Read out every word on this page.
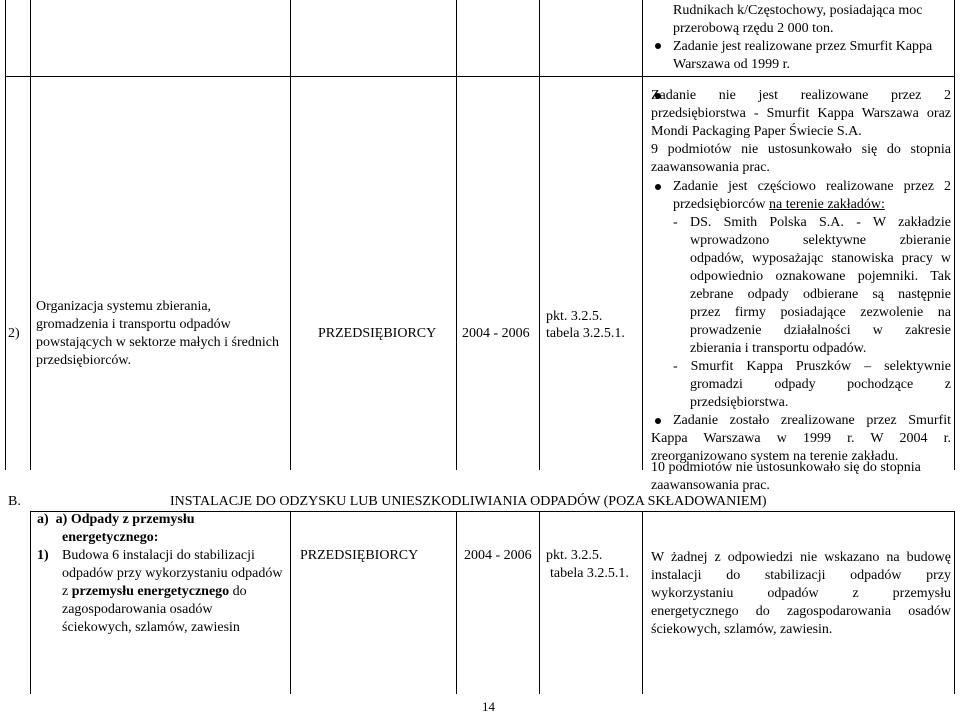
Rudnikach k/Częstochowy, posiadająca moc
przerobową rzędu 2 000 ton.
Zadanie jest realizowane przez Smurfit Kappa
Warszawa od 1999 r.
2)
Organizacja systemu zbierania,
gromadzenia i transportu odpadów
powstających w sektorze małych i średnich
przedsiębiorców.
PRZEDSIĘBIORCY 2004 - 2006
pkt. 3.2.5.
tabela 3.2.5.1.
Zadanie nie jest realizowane przez 2
przedsiębiorstwa - Smurfit Kappa Warszawa oraz
Mondi Packaging Paper Świecie S.A.
9 podmiotów nie ustosunkowało się do stopnia
zaawansowania prac.
Zadanie jest częściowo realizowane przez 2
przedsiębiorców na terenie zakładów:
- DS. Smith Polska S.A. - W zakładzie
wprowadzono selektywne zbieranie
odpadów, wyposażając stanowiska pracy w
odpowiednio oznakowane pojemniki. Tak
zebrane odpady odbierane są następnie
przez firmy posiadające zezwolenie na
prowadzenie działalności w zakresie
zbierania i transportu odpadów.
- Smurfit Kappa Pruszków – selektywnie
gromadzi odpady pochodzące z
przedsiębiorstwa.
Zadanie zostało zrealizowane przez Smurfit
Kappa Warszawa w 1999 r. W 2004 r.
zreorganizowano system na terenie zakładu.
10 podmiotów nie ustosunkowało się do stopnia
zaawansowania prac.
B.	INSTALACJE DO ODZYSKU LUB UNIESZKODLIWIANIA ODPADÓW (POZA SKŁADOWANIEM)
a)  a) Odpady z przemysłu
energetycznego:
1) Budowa 6 instalacji do stabilizacji
odpadów przy wykorzystaniu odpadów
z przemysłu energetycznego do
zagospodarowania osadów
ściekowych, szlamów, zawiesin
PRZEDSIĘBIORCY	2004 - 2006 pkt. 3.2.5.
tabela 3.2.5.1.
W żadnej z odpowiedzi nie wskazano na budowę
instalacji do stabilizacji odpadów przy
wykorzystaniu odpadów z przemysłu
energetycznego do zagospodarowania osadów
ściekowych, szlamów, zawiesin.
14
